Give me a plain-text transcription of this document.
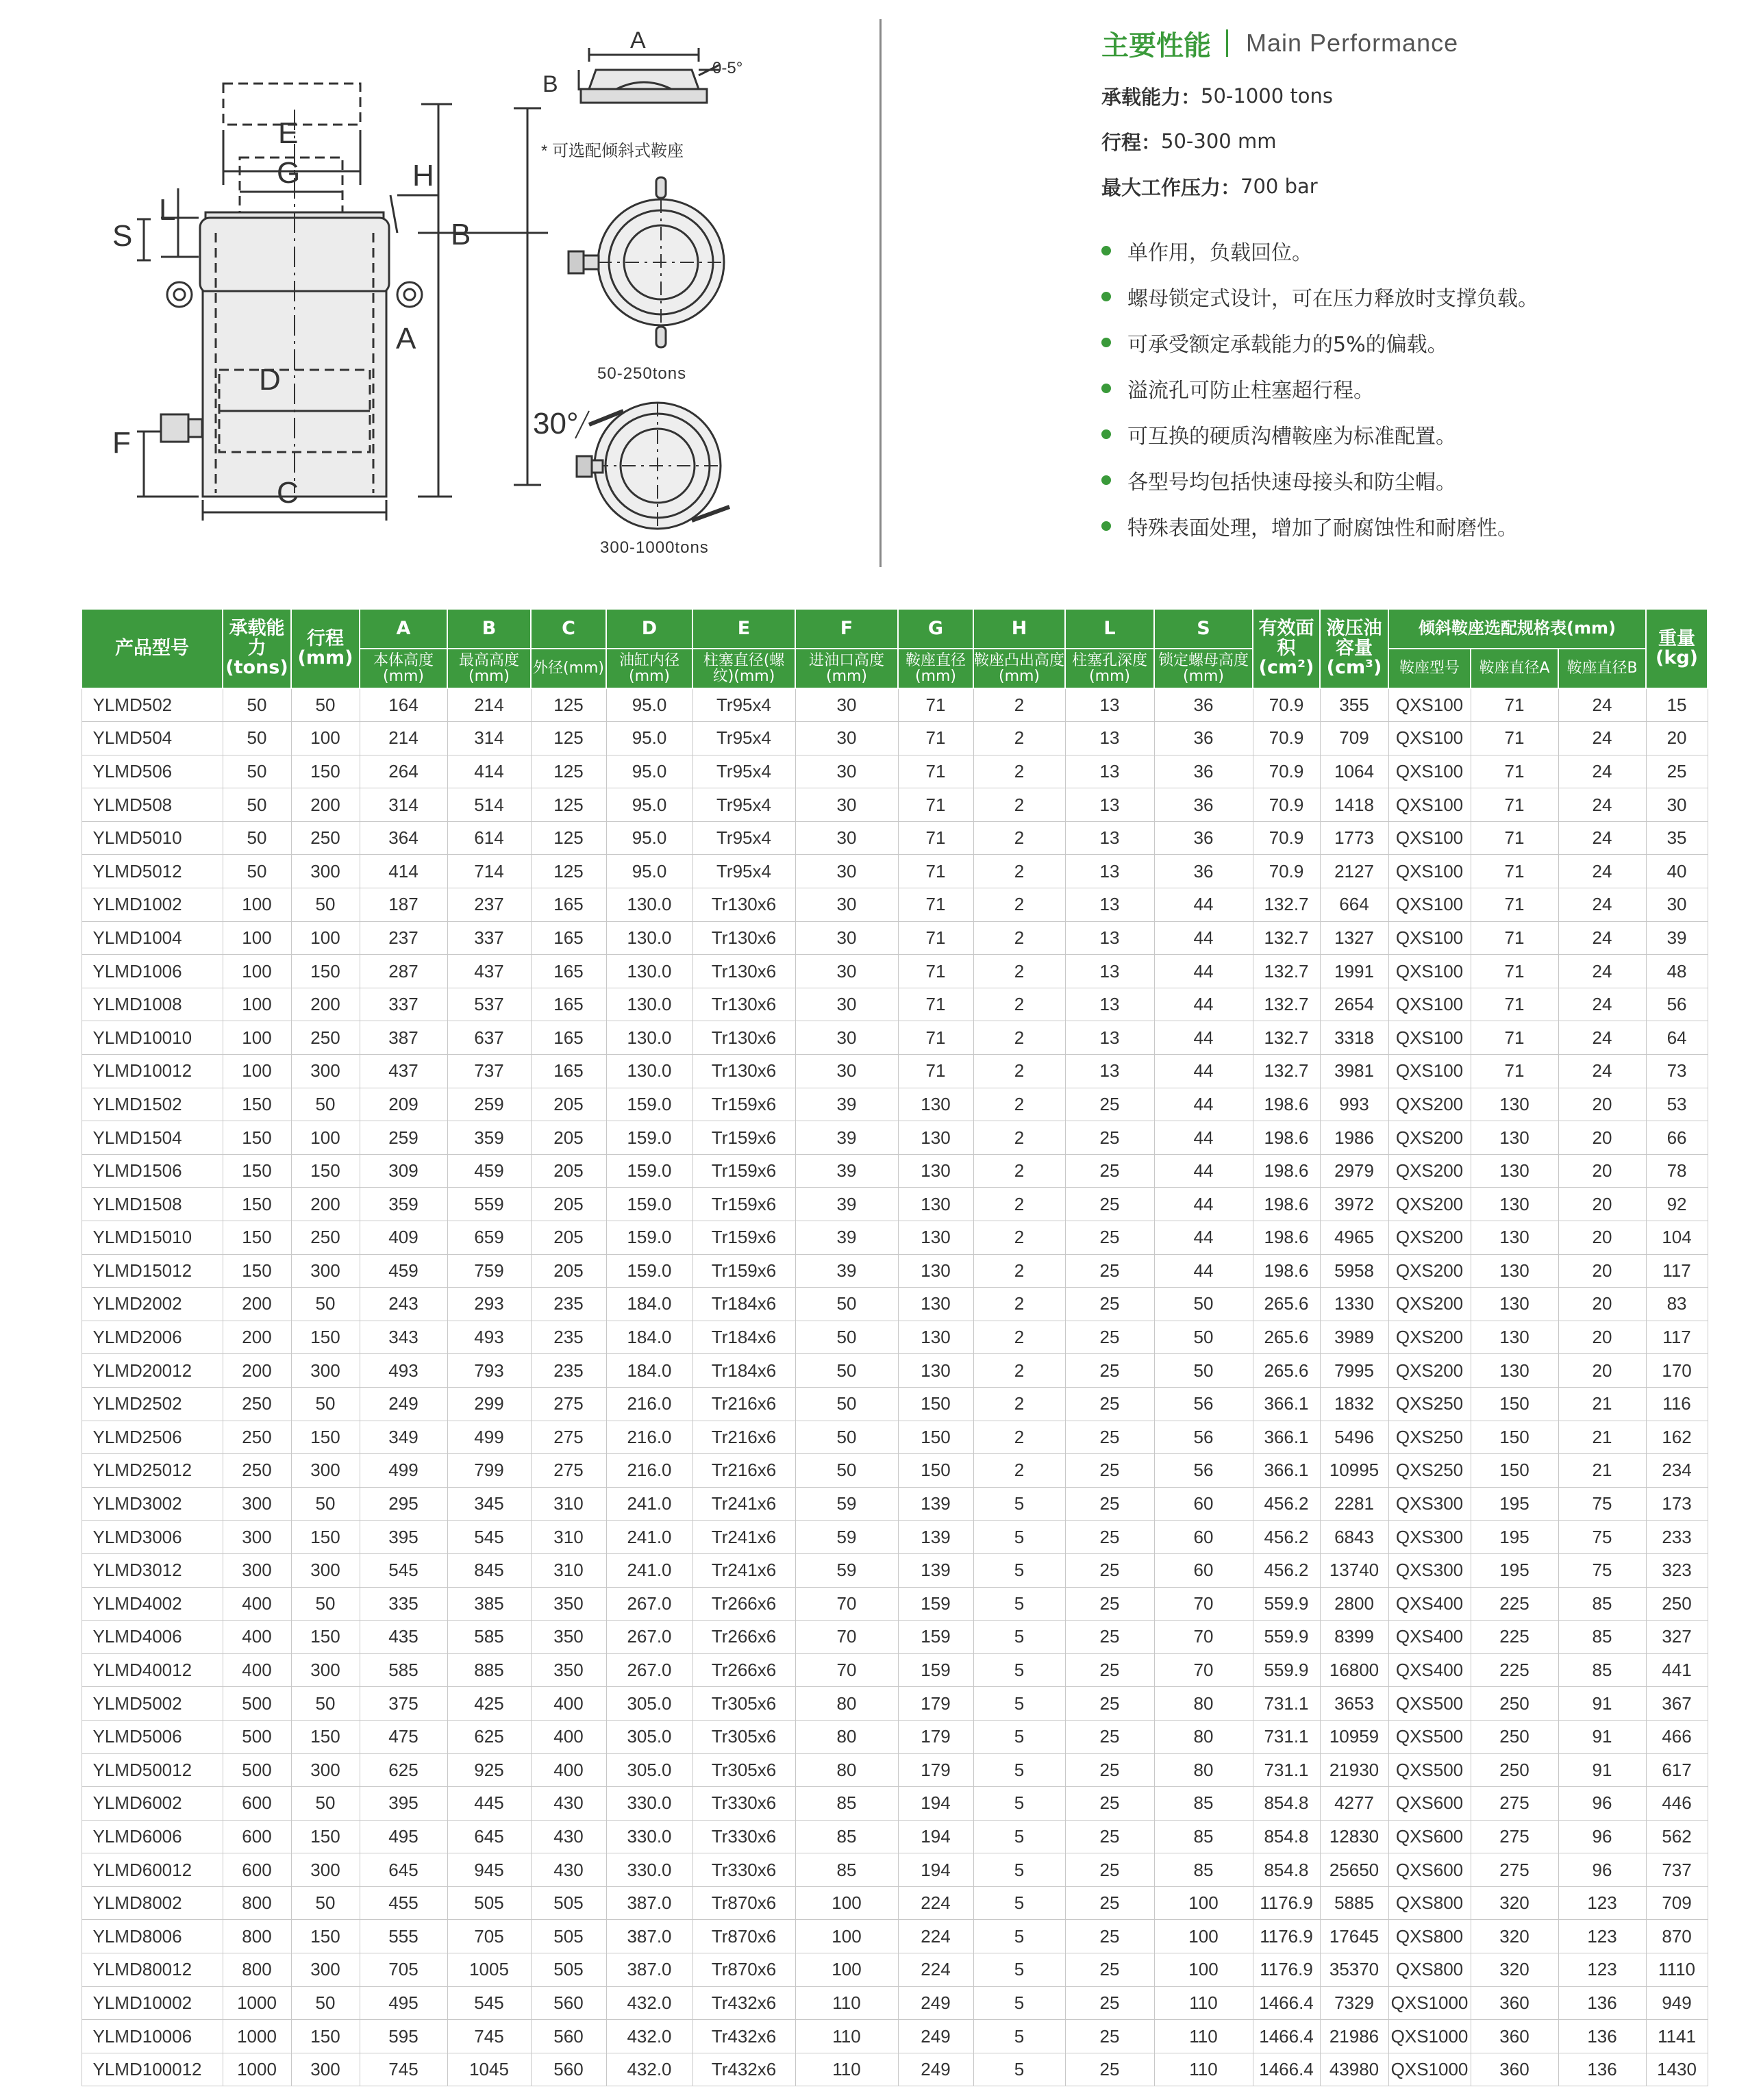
E
G	H
L
S	B
A
D
F
C
A
B
0-5°
* 可选配倾斜式鞍座
50-250tons
30°
300-1000tons
主要性能 Main Performance
承载能力： 50-1000 tons
行程： 50-300 mm
最大工作压力： 700 bar
单作用，负载回位。
螺母锁定式设计，可在压力释放时支撑负载。
可承受额定承载能力的5%的偏载。
溢流孔可防止柱塞超行程。
可互换的硬质沟槽鞍座为标准配置。
各型号均包括快速母接头和防尘帽。
特殊表面处理，增加了耐腐蚀性和耐磨性。
产品型号	承载能力(tons)	行程(mm)	A	B	C	D	E	F	G	H	L	S	有效面积(cm²)	液压油容量(cm³)	倾斜鞍座选配规格表(mm)			重量(kg)
			本体高度(mm)	最高高度(mm)	外径(mm)	油缸内径(mm)	柱塞直径(螺纹)(mm)	进油口高度(mm)	鞍座直径(mm)	鞍座凸出高度(mm)	柱塞孔深度(mm)	锁定螺母高度(mm)			鞍座型号	鞍座直径A	鞍座直径B	
YLMD502	50	50	164	214	125	95.0	Tr95x4	30	71	2	13	36	70.9	355	QXS100	71	24	15
YLMD504	50	100	214	314	125	95.0	Tr95x4	30	71	2	13	36	70.9	709	QXS100	71	24	20
YLMD506	50	150	264	414	125	95.0	Tr95x4	30	71	2	13	36	70.9	1064	QXS100	71	24	25
YLMD508	50	200	314	514	125	95.0	Tr95x4	30	71	2	13	36	70.9	1418	QXS100	71	24	30
YLMD5010	50	250	364	614	125	95.0	Tr95x4	30	71	2	13	36	70.9	1773	QXS100	71	24	35
YLMD5012	50	300	414	714	125	95.0	Tr95x4	30	71	2	13	36	70.9	2127	QXS100	71	24	40
YLMD1002	100	50	187	237	165	130.0	Tr130x6	30	71	2	13	44	132.7	664	QXS100	71	24	30
YLMD1004	100	100	237	337	165	130.0	Tr130x6	30	71	2	13	44	132.7	1327	QXS100	71	24	39
YLMD1006	100	150	287	437	165	130.0	Tr130x6	30	71	2	13	44	132.7	1991	QXS100	71	24	48
YLMD1008	100	200	337	537	165	130.0	Tr130x6	30	71	2	13	44	132.7	2654	QXS100	71	24	56
YLMD10010	100	250	387	637	165	130.0	Tr130x6	30	71	2	13	44	132.7	3318	QXS100	71	24	64
YLMD10012	100	300	437	737	165	130.0	Tr130x6	30	71	2	13	44	132.7	3981	QXS100	71	24	73
YLMD1502	150	50	209	259	205	159.0	Tr159x6	39	130	2	25	44	198.6	993	QXS200	130	20	53
YLMD1504	150	100	259	359	205	159.0	Tr159x6	39	130	2	25	44	198.6	1986	QXS200	130	20	66
YLMD1506	150	150	309	459	205	159.0	Tr159x6	39	130	2	25	44	198.6	2979	QXS200	130	20	78
YLMD1508	150	200	359	559	205	159.0	Tr159x6	39	130	2	25	44	198.6	3972	QXS200	130	20	92
YLMD15010	150	250	409	659	205	159.0	Tr159x6	39	130	2	25	44	198.6	4965	QXS200	130	20	104
YLMD15012	150	300	459	759	205	159.0	Tr159x6	39	130	2	25	44	198.6	5958	QXS200	130	20	117
YLMD2002	200	50	243	293	235	184.0	Tr184x6	50	130	2	25	50	265.6	1330	QXS200	130	20	83
YLMD2006	200	150	343	493	235	184.0	Tr184x6	50	130	2	25	50	265.6	3989	QXS200	130	20	117
YLMD20012	200	300	493	793	235	184.0	Tr184x6	50	130	2	25	50	265.6	7995	QXS200	130	20	170
YLMD2502	250	50	249	299	275	216.0	Tr216x6	50	150	2	25	56	366.1	1832	QXS250	150	21	116
YLMD2506	250	150	349	499	275	216.0	Tr216x6	50	150	2	25	56	366.1	5496	QXS250	150	21	162
YLMD25012	250	300	499	799	275	216.0	Tr216x6	50	150	2	25	56	366.1	10995	QXS250	150	21	234
YLMD3002	300	50	295	345	310	241.0	Tr241x6	59	139	5	25	60	456.2	2281	QXS300	195	75	173
YLMD3006	300	150	395	545	310	241.0	Tr241x6	59	139	5	25	60	456.2	6843	QXS300	195	75	233
YLMD3012	300	300	545	845	310	241.0	Tr241x6	59	139	5	25	60	456.2	13740	QXS300	195	75	323
YLMD4002	400	50	335	385	350	267.0	Tr266x6	70	159	5	25	70	559.9	2800	QXS400	225	85	250
YLMD4006	400	150	435	585	350	267.0	Tr266x6	70	159	5	25	70	559.9	8399	QXS400	225	85	327
YLMD40012	400	300	585	885	350	267.0	Tr266x6	70	159	5	25	70	559.9	16800	QXS400	225	85	441
YLMD5002	500	50	375	425	400	305.0	Tr305x6	80	179	5	25	80	731.1	3653	QXS500	250	91	367
YLMD5006	500	150	475	625	400	305.0	Tr305x6	80	179	5	25	80	731.1	10959	QXS500	250	91	466
YLMD50012	500	300	625	925	400	305.0	Tr305x6	80	179	5	25	80	731.1	21930	QXS500	250	91	617
YLMD6002	600	50	395	445	430	330.0	Tr330x6	85	194	5	25	85	854.8	4277	QXS600	275	96	446
YLMD6006	600	150	495	645	430	330.0	Tr330x6	85	194	5	25	85	854.8	12830	QXS600	275	96	562
YLMD60012	600	300	645	945	430	330.0	Tr330x6	85	194	5	25	85	854.8	25650	QXS600	275	96	737
YLMD8002	800	50	455	505	505	387.0	Tr870x6	100	224	5	25	100	1176.9	5885	QXS800	320	123	709
YLMD8006	800	150	555	705	505	387.0	Tr870x6	100	224	5	25	100	1176.9	17645	QXS800	320	123	870
YLMD80012	800	300	705	1005	505	387.0	Tr870x6	100	224	5	25	100	1176.9	35370	QXS800	320	123	1110
YLMD10002	1000	50	495	545	560	432.0	Tr432x6	110	249	5	25	110	1466.4	7329	QXS1000	360	136	949
YLMD10006	1000	150	595	745	560	432.0	Tr432x6	110	249	5	25	110	1466.4	21986	QXS1000	360	136	1141
YLMD100012	1000	300	745	1045	560	432.0	Tr432x6	110	249	5	25	110	1466.4	43980	QXS1000	360	136	1430
